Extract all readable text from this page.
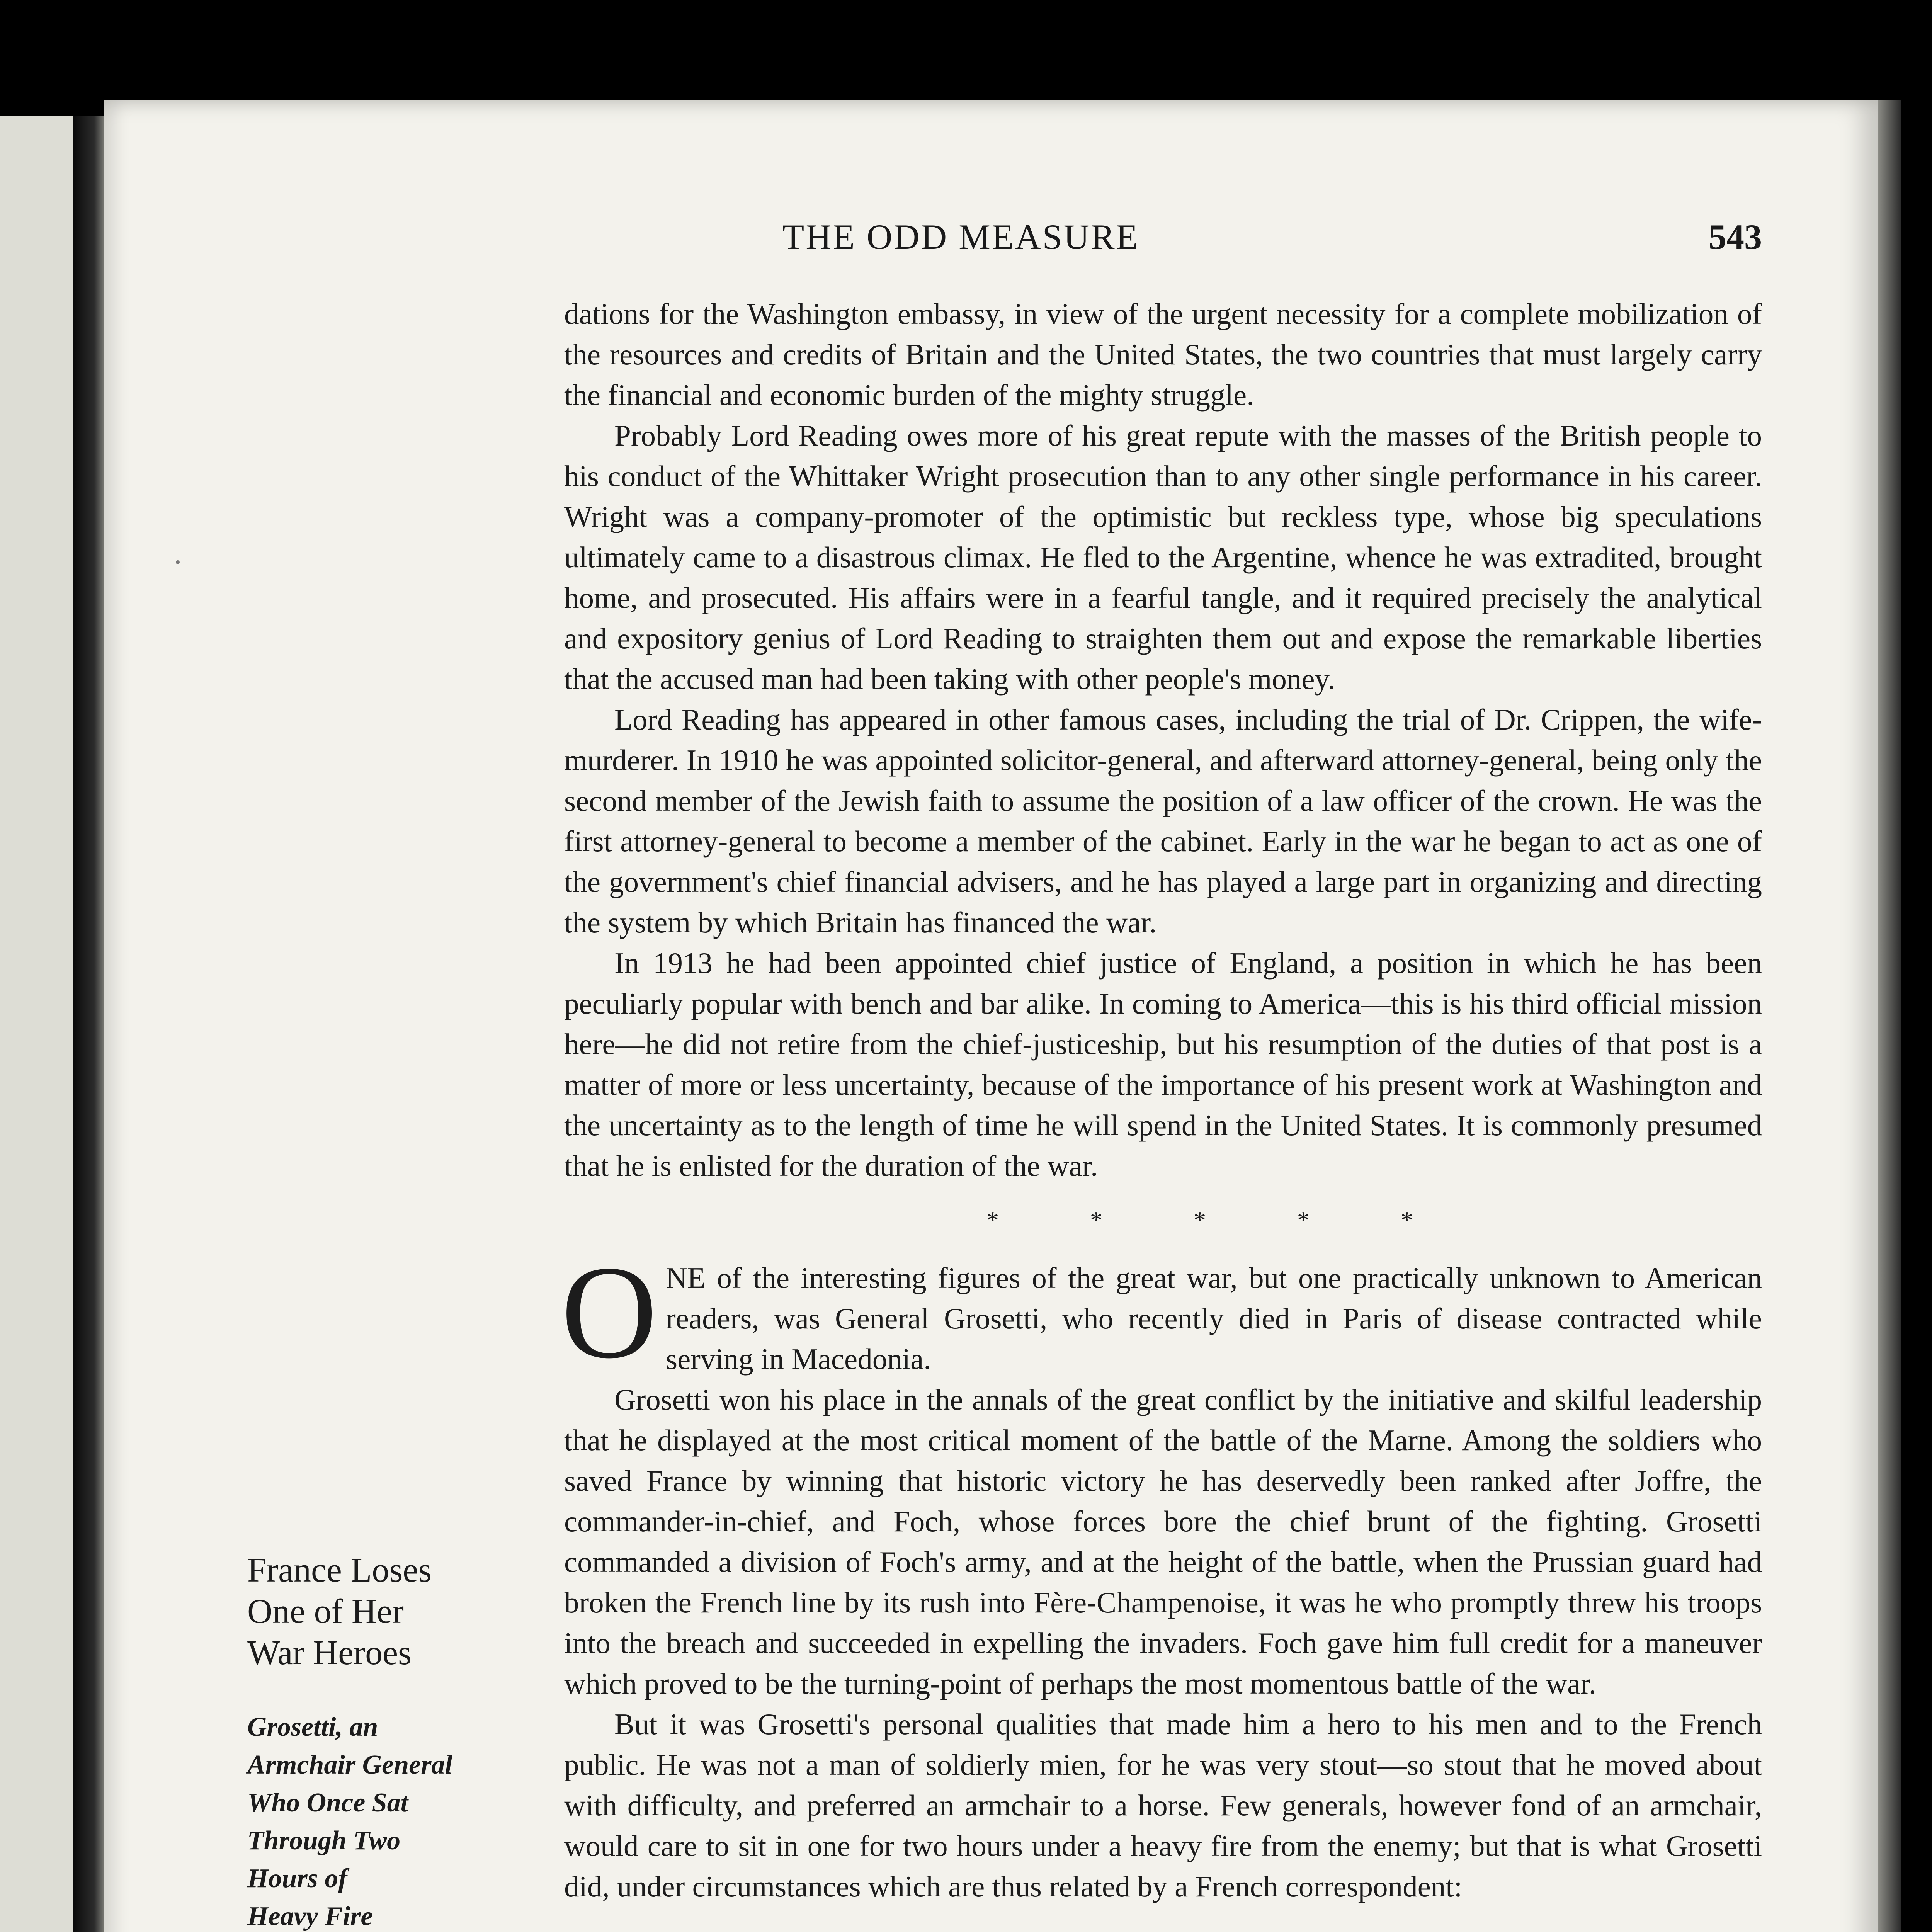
THE ODD MEASURE	543

dations for the Washington embassy, in view of the urgent necessity for a complete mobilization of the resources and credits of Britain and the United States, the two countries that must largely carry the financial and economic burden of the mighty struggle.

Probably Lord Reading owes more of his great repute with the masses of the British people to his conduct of the Whittaker Wright prosecution than to any other single performance in his career. Wright was a company-promoter of the optimistic but reckless type, whose big speculations ultimately came to a disastrous climax. He fled to the Argentine, whence he was extradited, brought home, and prosecuted. His affairs were in a fearful tangle, and it required precisely the analytical and expository genius of Lord Reading to straighten them out and expose the remarkable liberties that the accused man had been taking with other people's money.

Lord Reading has appeared in other famous cases, including the trial of Dr. Crippen, the wife-murderer. In 1910 he was appointed solicitor-general, and afterward attorney-general, being only the second member of the Jewish faith to assume the position of a law officer of the crown. He was the first attorney-general to become a member of the cabinet. Early in the war he began to act as one of the government's chief financial advisers, and he has played a large part in organizing and directing the system by which Britain has financed the war.

In 1913 he had been appointed chief justice of England, a position in which he has been peculiarly popular with bench and bar alike. In coming to America—this is his third official mission here—he did not retire from the chief-justiceship, but his resumption of the duties of that post is a matter of more or less uncertainty, because of the importance of his present work at Washington and the uncertainty as to the length of time he will spend in the United States. It is commonly presumed that he is enlisted for the duration of the war.

* * * * *

ONE of the interesting figures of the great war, but one practically unknown to American readers, was General Grosetti, who recently died in Paris of disease contracted while serving in Macedonia.

Grosetti won his place in the annals of the great conflict by the initiative and skilful leadership that he displayed at the most critical moment of the battle of the Marne. Among the soldiers who saved France by winning that historic victory he has deservedly been ranked after Joffre, the commander-in-chief, and Foch, whose forces bore the chief brunt of the fighting. Grosetti commanded a division of Foch's army, and at the height of the battle, when the Prussian guard had broken the French line by its rush into Fère-Champenoise, it was he who promptly threw his troops into the breach and succeeded in expelling the invaders. Foch gave him full credit for a maneuver which proved to be the turning-point of perhaps the most momentous battle of the war.

But it was Grosetti's personal qualities that made him a hero to his men and to the French public. He was not a man of soldierly mien, for he was very stout—so stout that he moved about with difficulty, and preferred an armchair to a horse. Few generals, however fond of an armchair, would care to sit in one for two hours under a heavy fire from the enemy; but that is what Grosetti did, under circumstances which are thus related by a French correspondent:

France Loses
One of Her
War Heroes
Grosetti, an
Armchair General
Who Once Sat
Through Two
Hours of
Heavy Fire
